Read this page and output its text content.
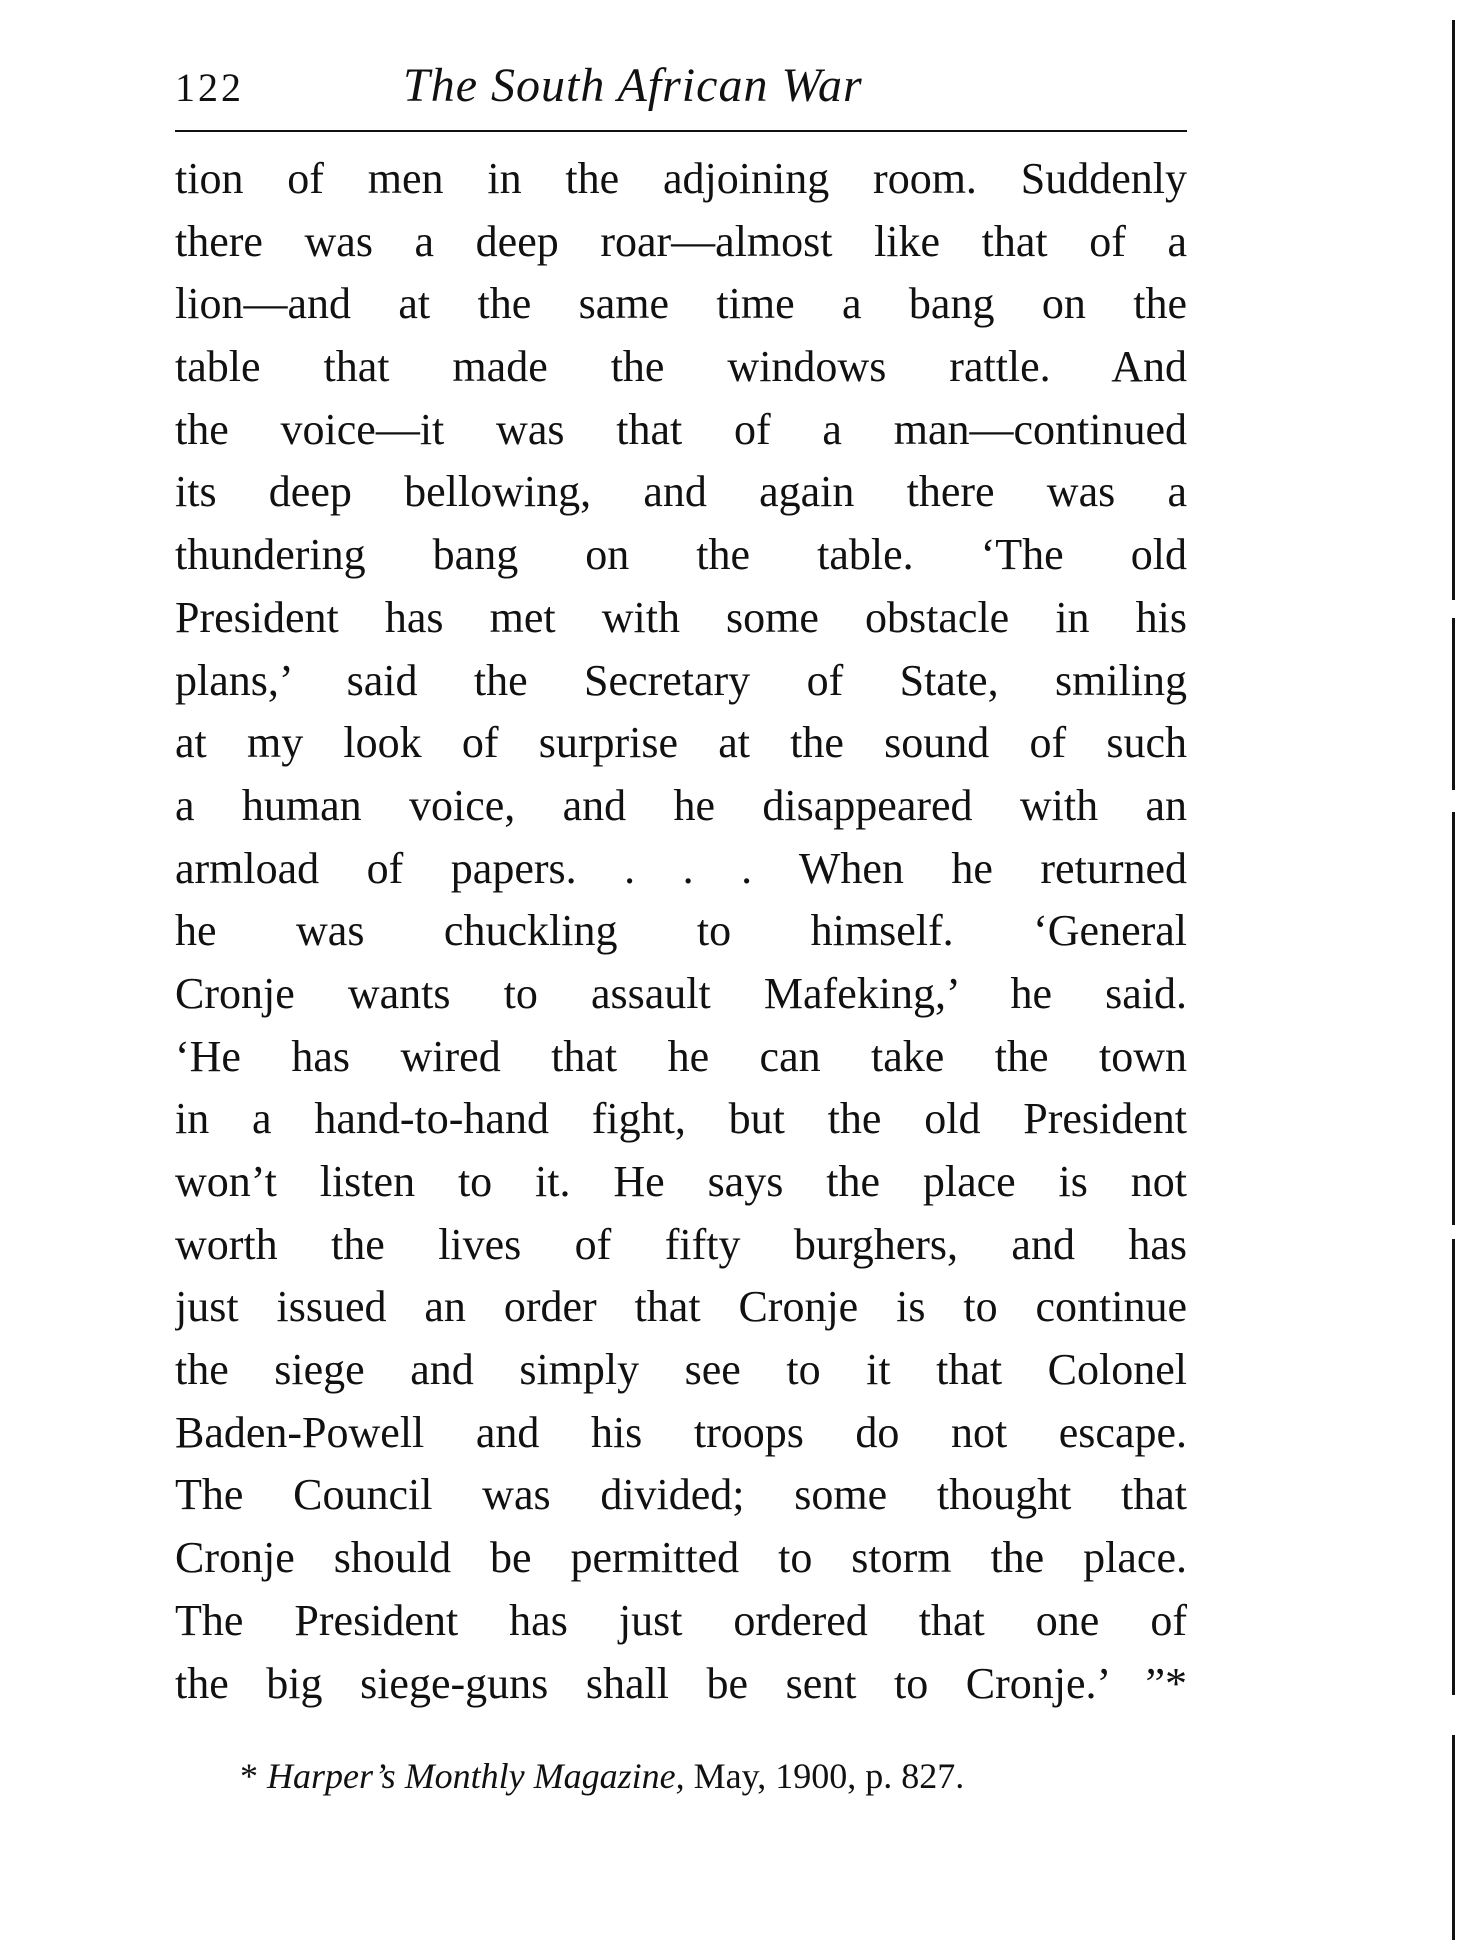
122	The South African War
tion of men in the adjoining room. Suddenly
there was a deep roar—almost like that of a
lion—and at the same time a bang on the
table that made the windows rattle. And
the voice—it was that of a man—continued
its deep bellowing, and again there was a
thundering bang on the table. ‘The old
President has met with some obstacle in his
plans,’ said the Secretary of State, smiling
at my look of surprise at the sound of such
a human voice, and he disappeared with an
armload of papers. . . . When he returned
he was chuckling to himself. ‘General
Cronje wants to assault Mafeking,’ he said.
‘He has wired that he can take the town
in a hand-to-hand fight, but the old President
won’t listen to it. He says the place is not
worth the lives of fifty burghers, and has
just issued an order that Cronje is to continue
the siege and simply see to it that Colonel
Baden-Powell and his troops do not escape.
The Council was divided; some thought that
Cronje should be permitted to storm the place.
The President has just ordered that one of
the big siege-guns shall be sent to Cronje.’ ”*
* Harper’s Monthly Magazine, May, 1900, p. 827.
